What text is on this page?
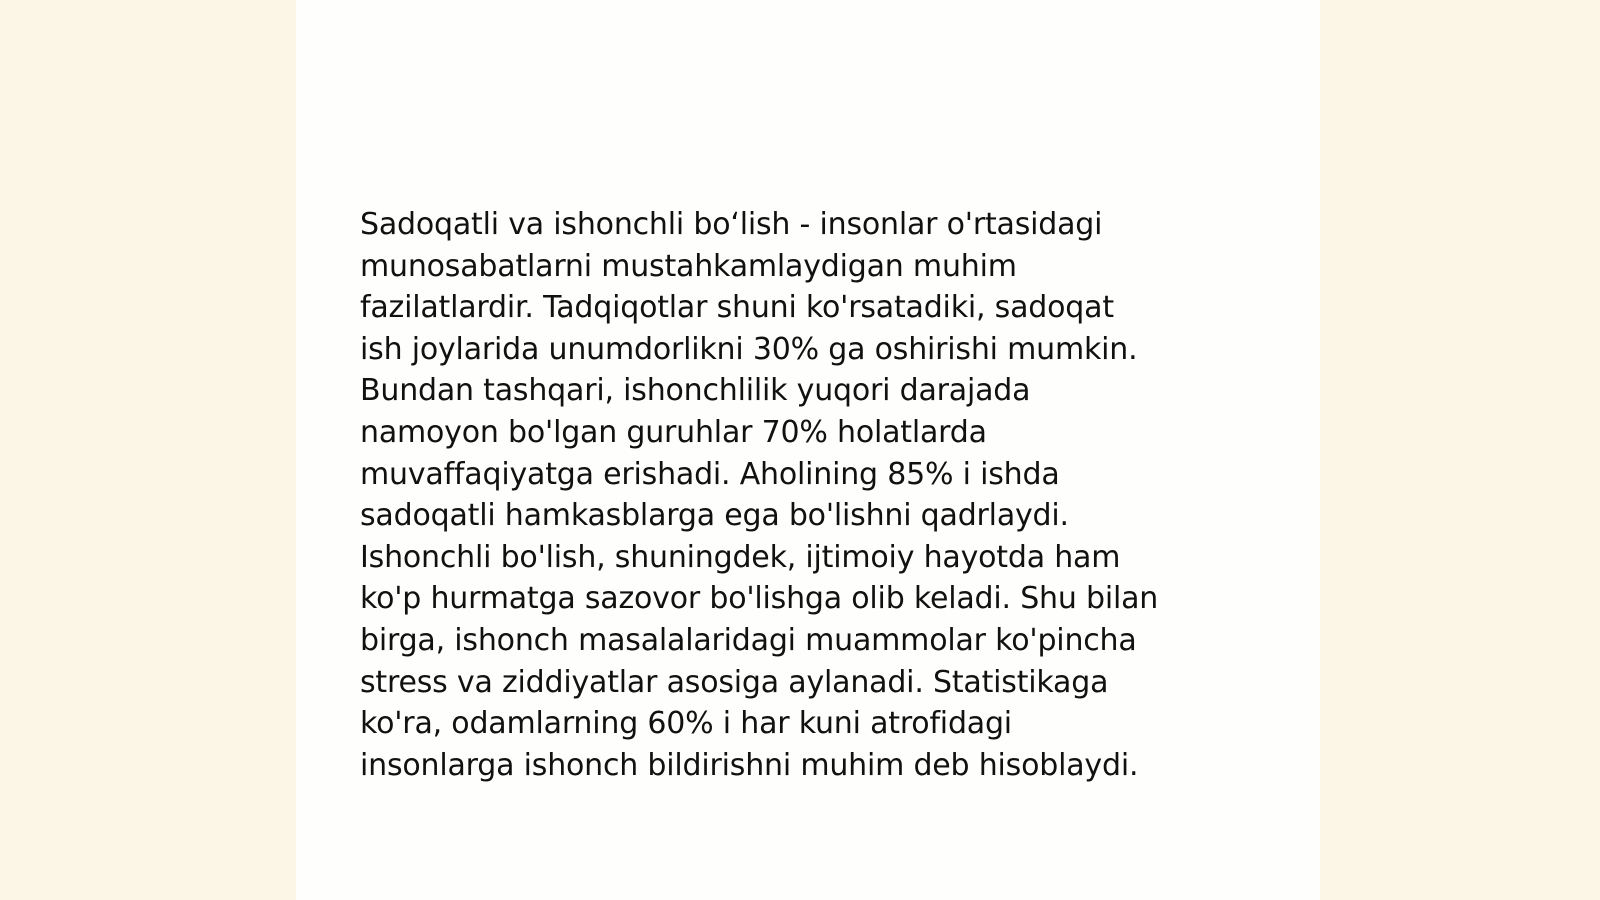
Sadoqatli va ishonchli bo‘lish - insonlar o'rtasidagi
munosabatlarni mustahkamlaydigan muhim
fazilatlardir. Tadqiqotlar shuni ko'rsatadiki, sadoqat
ish joylarida unumdorlikni 30% ga oshirishi mumkin.
Bundan tashqari, ishonchlilik yuqori darajada
namoyon bo'lgan guruhlar 70% holatlarda
muvaffaqiyatga erishadi. Aholining 85% i ishda
sadoqatli hamkasblarga ega bo'lishni qadrlaydi.
Ishonchli bo'lish, shuningdek, ijtimoiy hayotda ham
ko'p hurmatga sazovor bo'lishga olib keladi. Shu bilan
birga, ishonch masalalaridagi muammolar ko'pincha
stress va ziddiyatlar asosiga aylanadi. Statistikaga
ko'ra, odamlarning 60% i har kuni atrofidagi
insonlarga ishonch bildirishni muhim deb hisoblaydi.
